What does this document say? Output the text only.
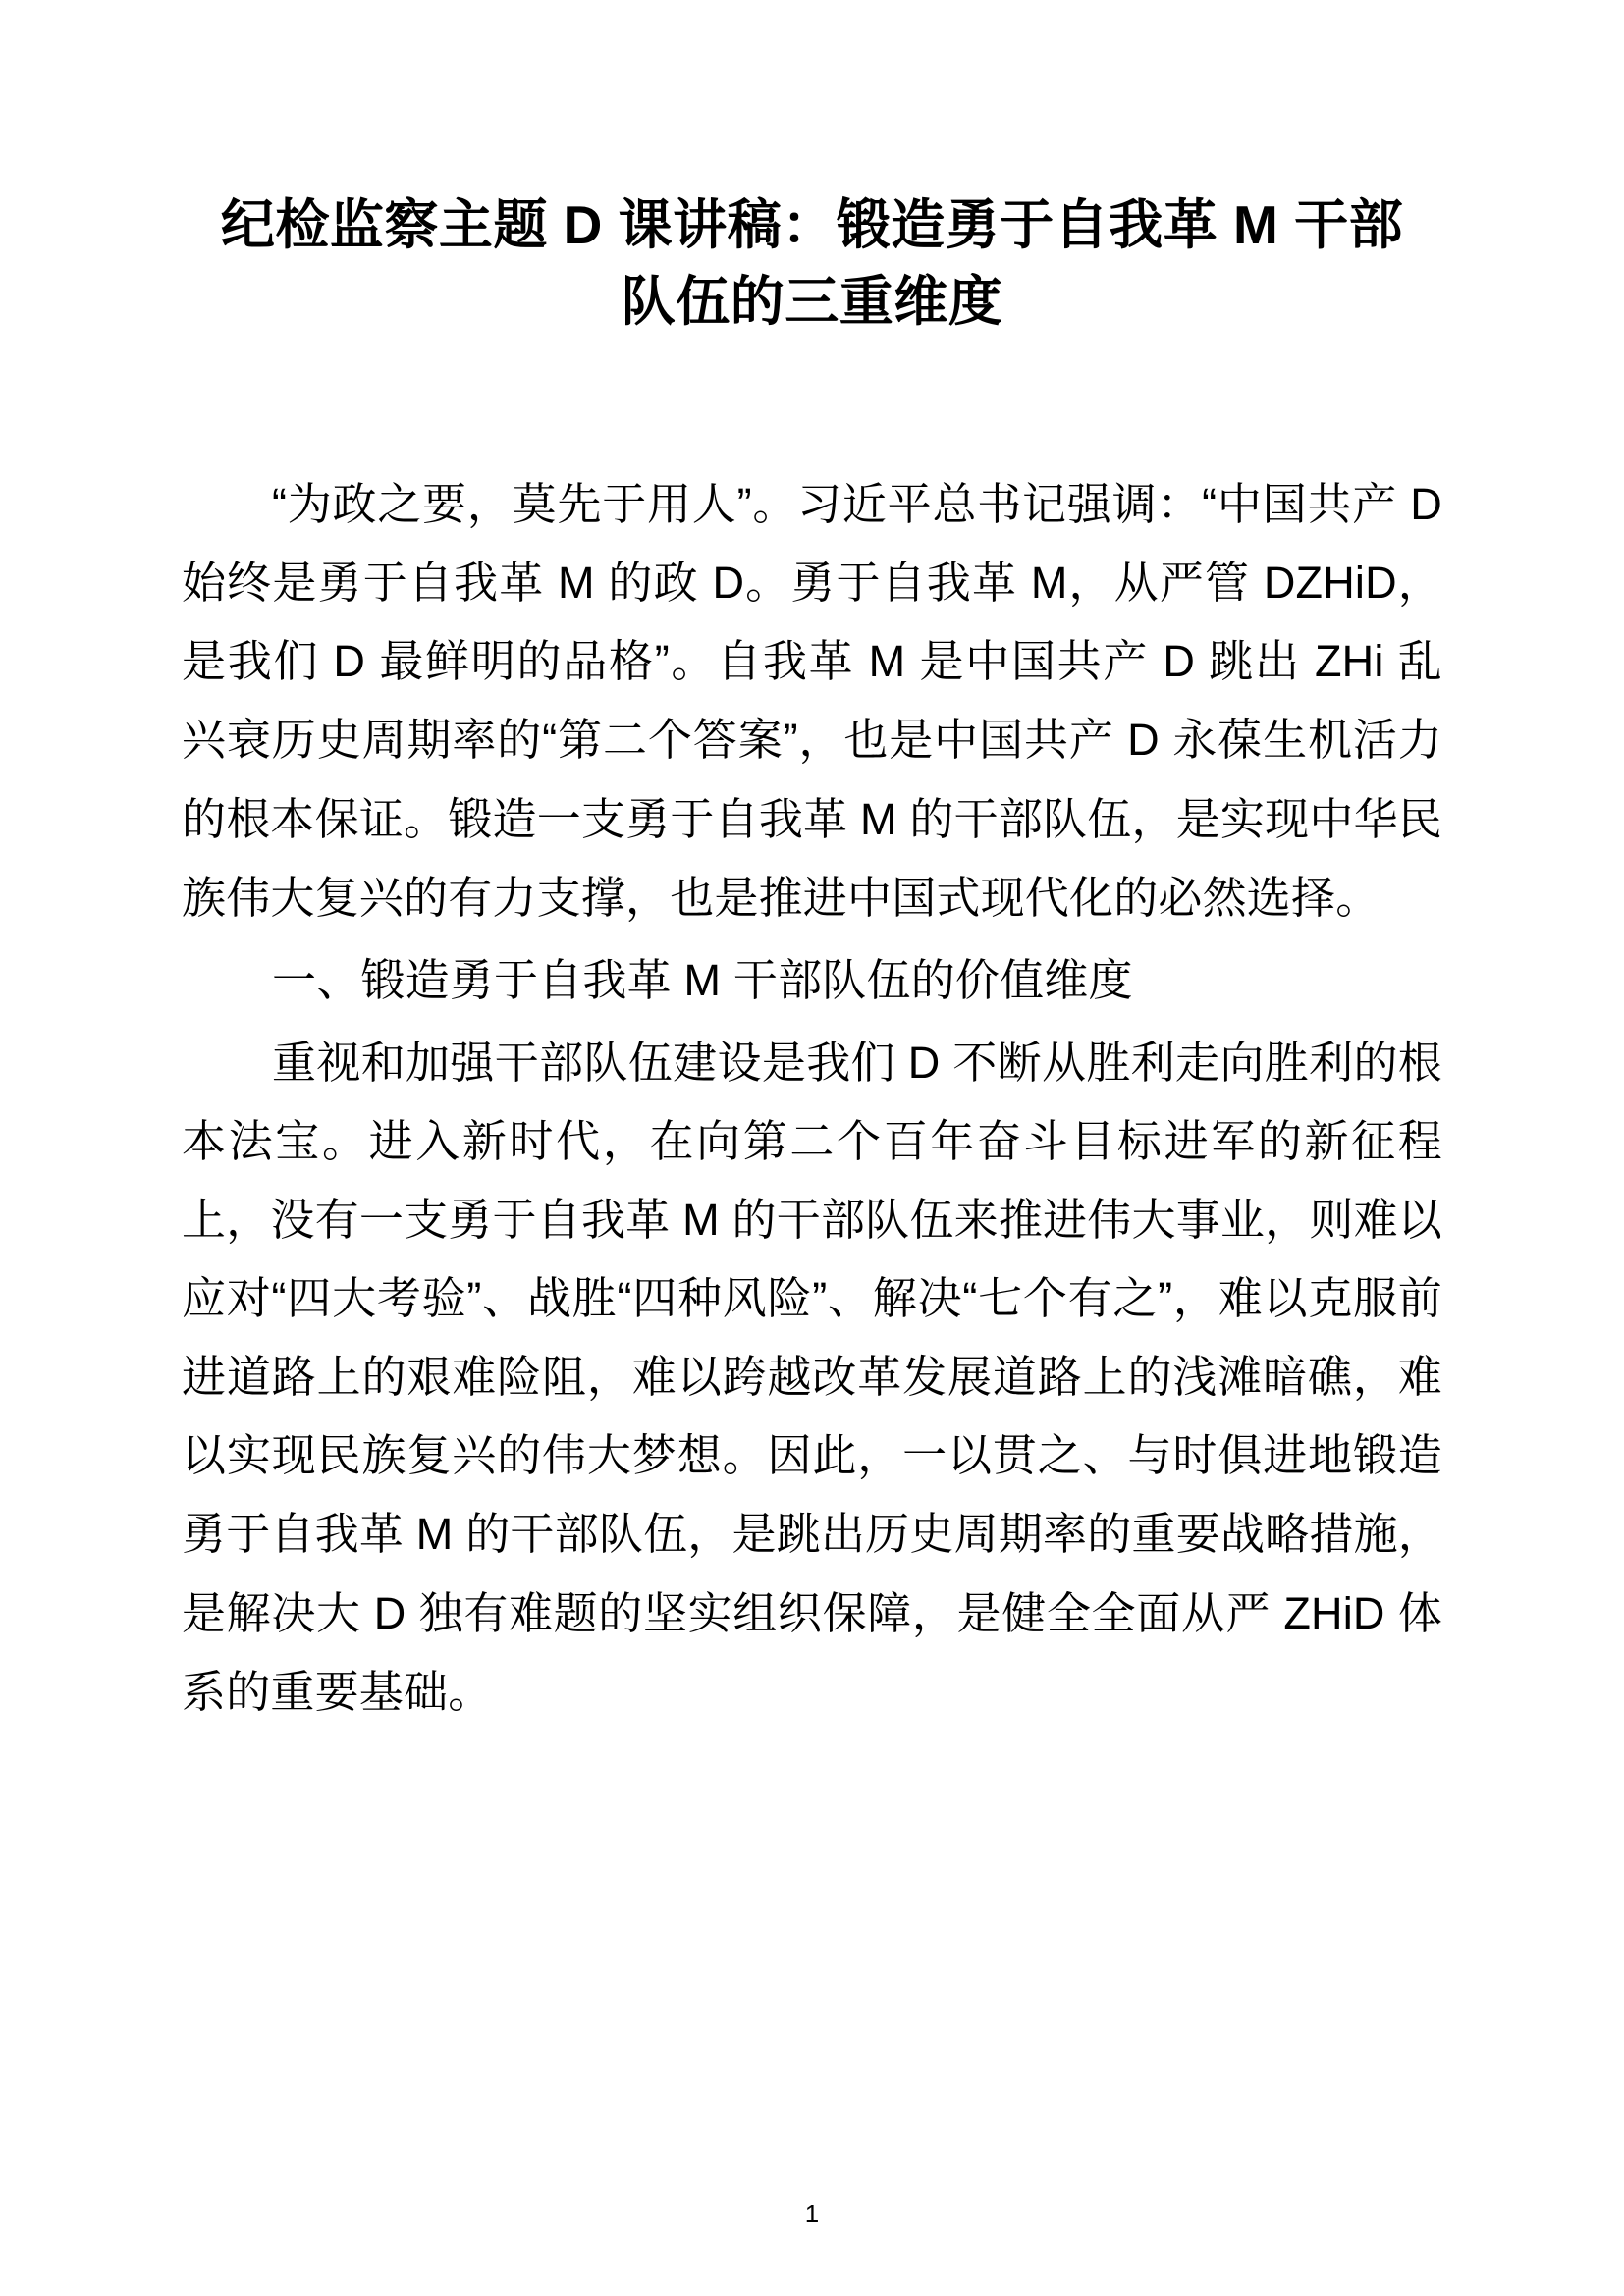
纪检监察主题 D 课讲稿：锻造勇于自我革 M 干部队伍的三重维度

“为政之要，莫先于用人”。习近平总书记强调：“中国共产 D 始终是勇于自我革 M 的政 D。勇于自我革 M，从严管 DZHiD，是我们 D 最鲜明的品格”。自我革 M 是中国共产 D 跳出 ZHi 乱兴衰历史周期率的“第二个答案”，也是中国共产 D 永葆生机活力的根本保证。锻造一支勇于自我革 M 的干部队伍，是实现中华民族伟大复兴的有力支撑，也是推进中国式现代化的必然选择。

一、锻造勇于自我革 M 干部队伍的价值维度

重视和加强干部队伍建设是我们 D 不断从胜利走向胜利的根本法宝。进入新时代，在向第二个百年奋斗目标进军的新征程上，没有一支勇于自我革 M 的干部队伍来推进伟大事业，则难以应对“四大考验”、战胜“四种风险”、解决“七个有之”，难以克服前进道路上的艰难险阻，难以跨越改革发展道路上的浅滩暗礁，难以实现民族复兴的伟大梦想。因此，一以贯之、与时俱进地锻造勇于自我革 M 的干部队伍，是跳出历史周期率的重要战略措施，是解决大 D 独有难题的坚实组织保障，是健全全面从严 ZHiD 体系的重要基础。

1
